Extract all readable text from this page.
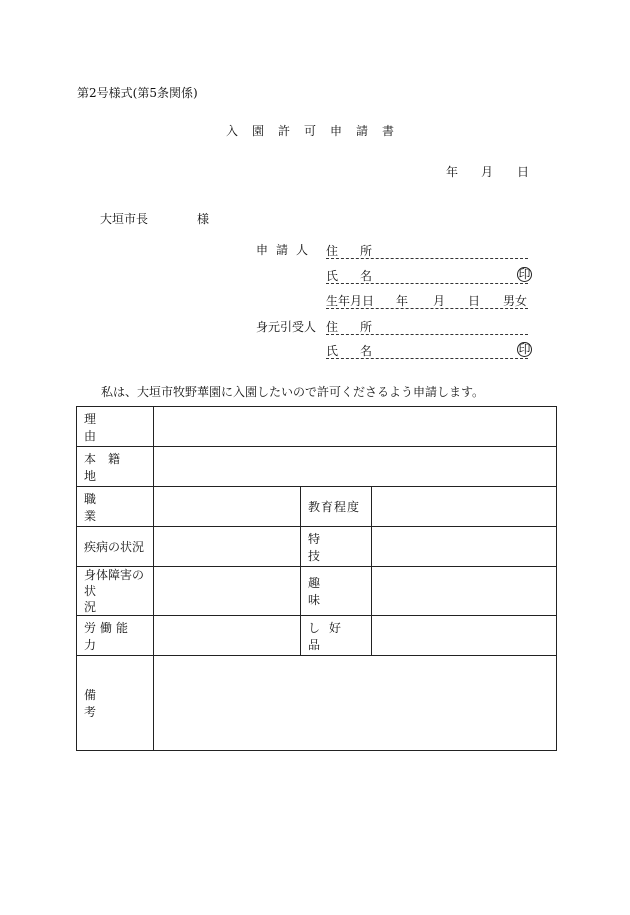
第2号様式(第5条関係)
入園許可申請書
年 月 日
大垣市長	様
申請人 住所
氏名	印
生年月日 年 月 日 男女
身元引受人 住所
氏名	印
私は、大垣市牧野華園に入園したいので許可くださるよう申請します。
理由			

本籍地			
職業		教育程度	
疾病の状況		特技	

身体障害の
状況		趣味	
労働能力		し好品	
備考			
